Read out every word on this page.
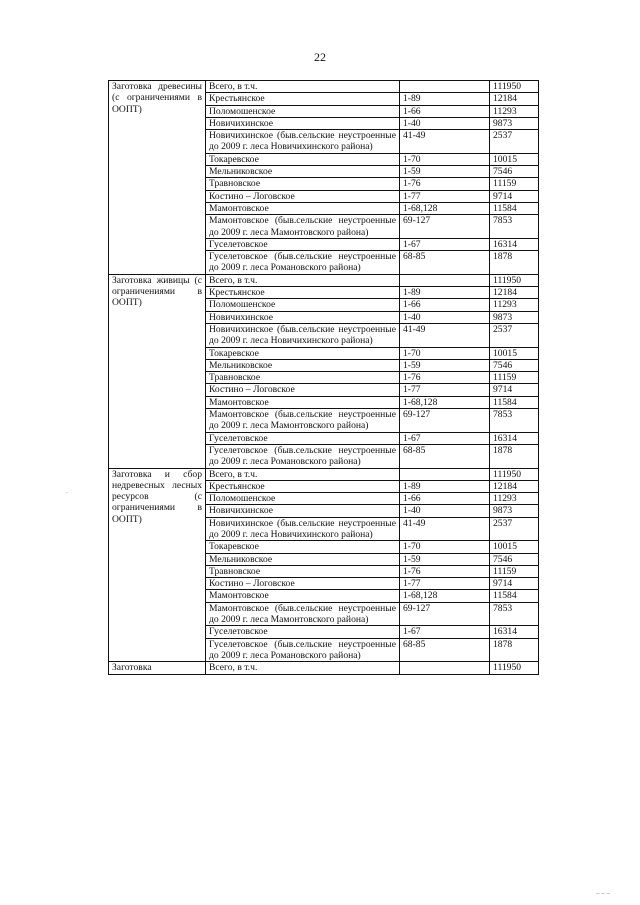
22
Заготовка древесины (с ограничениями в ООПТ)	Всего, в т.ч.		111950
	Крестьянское	1-89	12184
	Поломошенское	1-66	11293
	Новичихинское	1-40	9873
	Новичихинское (быв.сельские неустроенные до 2009 г. леса Новичихинского района)	41-49	2537
	Токаревское	1-70	10015
	Мельниковское	1-59	7546
	Травновское	1-76	11159
	Костино – Логовское	1-77	9714
	Мамонтовское	1-68,128	11584
	Мамонтовское (быв.сельские неустроенные до 2009 г. леса Мамонтовского района)	69-127	7853
	Гуселетовское	1-67	16314
	Гуселетовское (быв.сельские неустроенные до 2009 г. леса Романовского района)	68-85	1878
Заготовка живицы (с ограничениями в ООПТ)	Всего, в т.ч.		111950
	Крестьянское	1-89	12184
	Поломошенское	1-66	11293
	Новичихинское	1-40	9873
	Новичихинское (быв.сельские неустроенные до 2009 г. леса Новичихинского района)	41-49	2537
	Токаревское	1-70	10015
	Мельниковское	1-59	7546
	Травновское	1-76	11159
	Костино – Логовское	1-77	9714
	Мамонтовское	1-68,128	11584
	Мамонтовское (быв.сельские неустроенные до 2009 г. леса Мамонтовского района)	69-127	7853
	Гуселетовское	1-67	16314
	Гуселетовское (быв.сельские неустроенные до 2009 г. леса Романовского района)	68-85	1878
Заготовка и сбор недревесных лесных ресурсов (с ограничениями в ООПТ)	Всего, в т.ч.		111950
	Крестьянское	1-89	12184
	Поломошенское	1-66	11293
	Новичихинское	1-40	9873
	Новичихинское (быв.сельские неустроенные до 2009 г. леса Новичихинского района)	41-49	2537
	Токаревское	1-70	10015
	Мельниковское	1-59	7546
	Травновское	1-76	11159
	Костино – Логовское	1-77	9714
	Мамонтовское	1-68,128	11584
	Мамонтовское (быв.сельские неустроенные до 2009 г. леса Мамонтовского района)	69-127	7853
	Гуселетовское	1-67	16314
	Гуселетовское (быв.сельские неустроенные до 2009 г. леса Романовского района)	68-85	1878
Заготовка	Всего, в т.ч.		111950
.
_ _ _
